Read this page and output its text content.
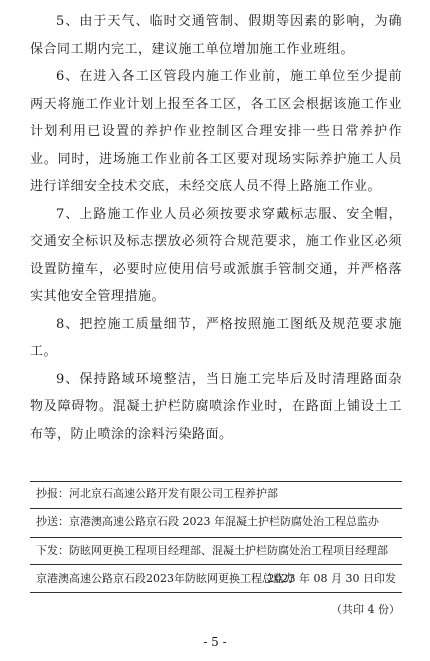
5、由于天气、临时交通管制、假期等因素的影响，为确保合同工期内完工，建议施工单位增加施工作业班组。

6、在进入各工区管段内施工作业前，施工单位至少提前两天将施工作业计划上报至各工区，各工区会根据该施工作业计划利用已设置的养护作业控制区合理安排一些日常养护作业。同时，进场施工作业前各工区要对现场实际养护施工人员进行详细安全技术交底，未经交底人员不得上路施工作业。

7、上路施工作业人员必须按要求穿戴标志服、安全帽，交通安全标识及标志摆放必须符合规范要求，施工作业区必须设置防撞车，必要时应使用信号或派旗手管制交通，并严格落实其他安全管理措施。

8、把控施工质量细节，严格按照施工图纸及规范要求施工。

9、保持路域环境整洁，当日施工完毕后及时清理路面杂物及障碍物。混凝土护栏防腐喷涂作业时，在路面上铺设土工布等，防止喷涂的涂料污染路面。

抄报：河北京石高速公路开发有限公司工程养护部
抄送：京港澳高速公路京石段 2023 年混凝土护栏防腐处治工程总监办
下发：防眩网更换工程项目经理部、混凝土护栏防腐处治工程项目经理部
京港澳高速公路京石段2023年防眩网更换工程总监办
2023 年 08 月 30 日印发
（共印 4 份）
- 5 -
